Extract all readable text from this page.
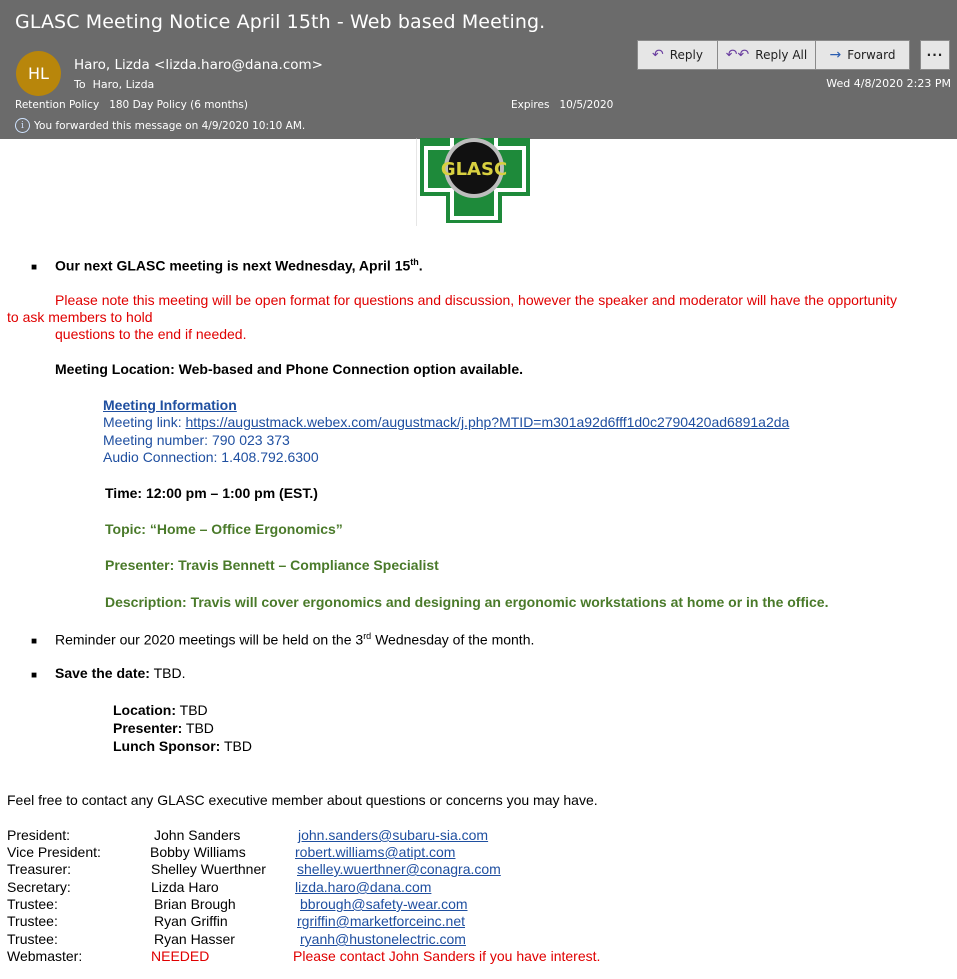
GLASC Meeting Notice April 15th - Web based Meeting.
HL	Haro, Lizda <lizda.haro@dana.com>
To Haro, Lizda
Retention Policy 180 Day Policy (6 months)	Expires 10/5/2020
i You forwarded this message on 4/9/2020 10:10 AM.
↶ Reply ↶↶ Reply All → Forward	···
Wed 4/8/2020 2:23 PM
GLASC
■ Our next GLASC meeting is next Wednesday, April 15th.
Please note this meeting will be open format for questions and discussion, however the speaker and moderator will have the opportunity
to ask members to hold
questions to the end if needed.
Meeting Location: Web-based and Phone Connection option available.
Meeting Information
Meeting link: https://augustmack.webex.com/augustmack/j.php?MTID=m301a92d6fff1d0c2790420ad6891a2da
Meeting number: 790 023 373
Audio Connection: 1.408.792.6300
Time: 12:00 pm – 1:00 pm (EST.)
Topic: “Home – Office Ergonomics”
Presenter: Travis Bennett – Compliance Specialist
Description: Travis will cover ergonomics and designing an ergonomic workstations at home or in the office.
■ Reminder our 2020 meetings will be held on the 3rd Wednesday of the month.
■ Save the date: TBD.
Location: TBD
Presenter: TBD
Lunch Sponsor: TBD
Feel free to contact any GLASC executive member about questions or concerns you may have.
President:	John Sanders	john.sanders@subaru-sia.com
Vice President:	Bobby Williams	robert.williams@atipt.com
Treasurer:	Shelley Wuerthner shelley.wuerthner@conagra.com
Secretary:	Lizda Haro	lizda.haro@dana.com
Trustee:	Brian Brough	bbrough@safety-wear.com
Trustee:	Ryan Griffin	rgriffin@marketforceinc.net
Trustee:	Ryan Hasser	ryanh@hustonelectric.com
Webmaster:	NEEDED	Please contact John Sanders if you have interest.
